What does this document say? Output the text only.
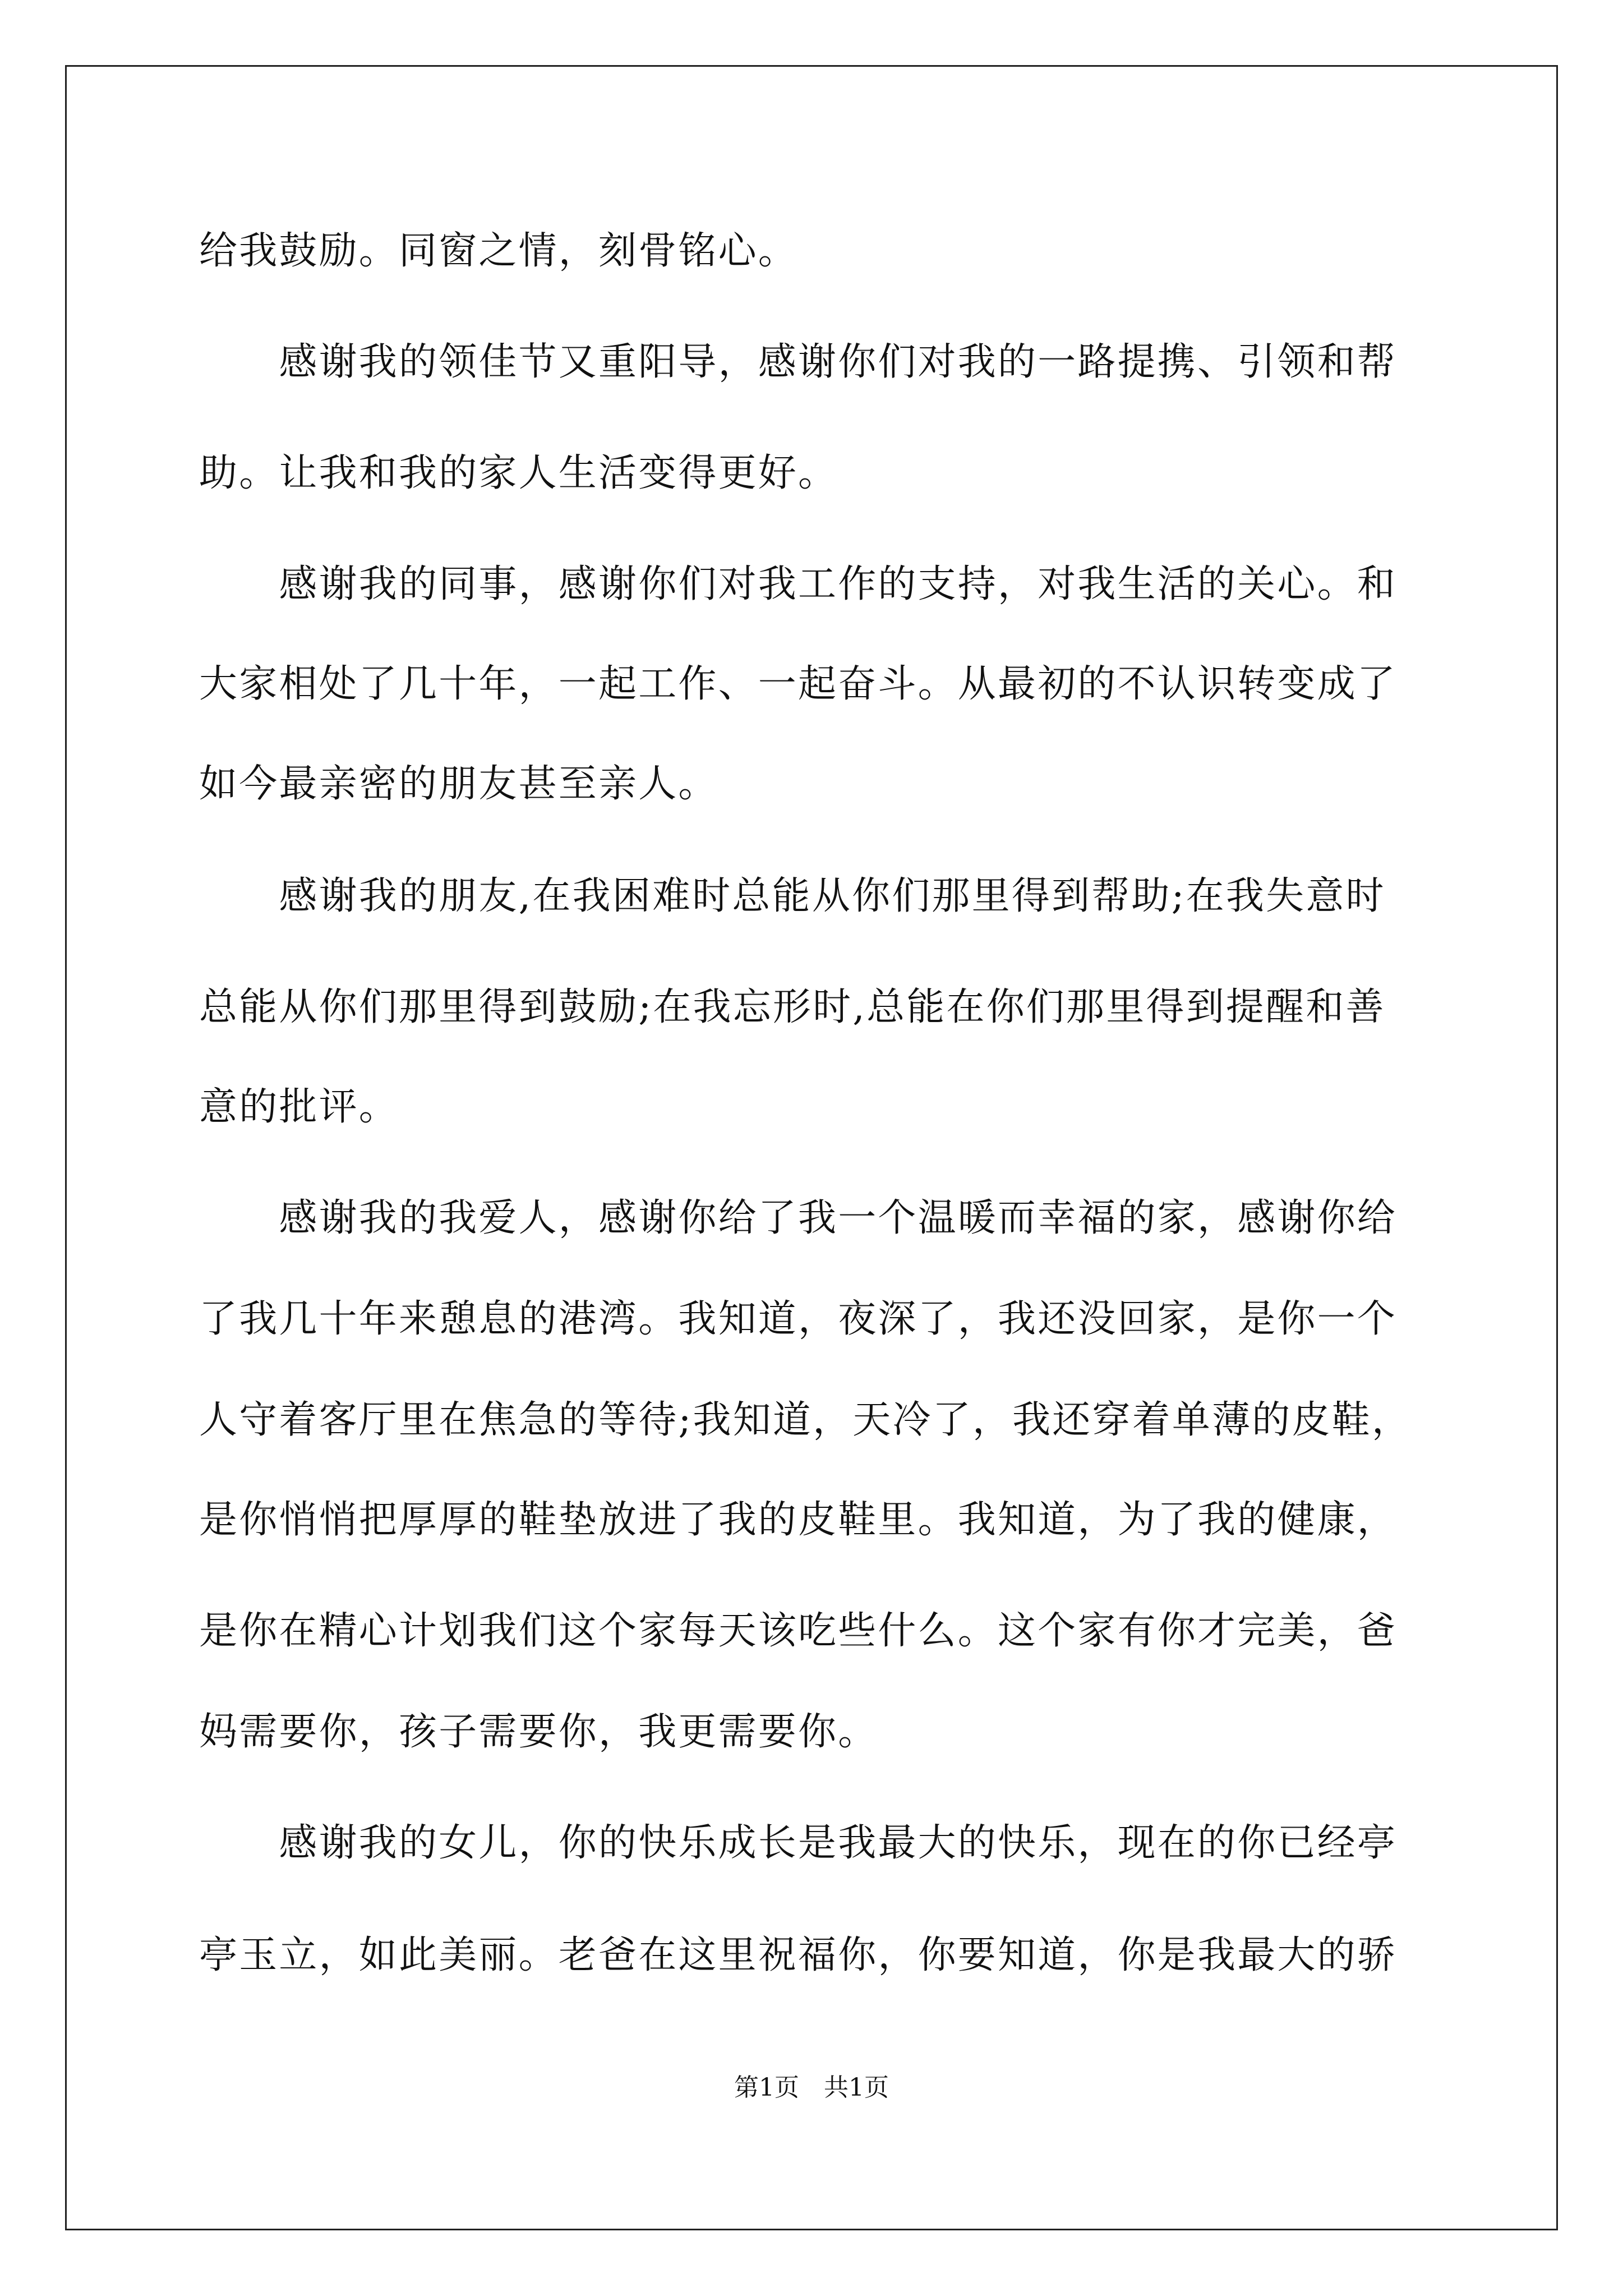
给我鼓励。同窗之情，刻骨铭心。
　　感谢我的领佳节又重阳导，感谢你们对我的一路提携、引领和帮
助。让我和我的家人生活变得更好。
　　感谢我的同事，感谢你们对我工作的支持，对我生活的关心。和
大家相处了几十年，一起工作、一起奋斗。从最初的不认识转变成了
如今最亲密的朋友甚至亲人。
　　感谢我的朋友,在我困难时总能从你们那里得到帮助;在我失意时
总能从你们那里得到鼓励;在我忘形时,总能在你们那里得到提醒和善
意的批评。
　　感谢我的我爱人，感谢你给了我一个温暖而幸福的家，感谢你给
了我几十年来憩息的港湾。我知道，夜深了，我还没回家，是你一个
人守着客厅里在焦急的等待;我知道，天冷了，我还穿着单薄的皮鞋，
是你悄悄把厚厚的鞋垫放进了我的皮鞋里。我知道，为了我的健康，
是你在精心计划我们这个家每天该吃些什么。这个家有你才完美，爸
妈需要你，孩子需要你，我更需要你。
　　感谢我的女儿，你的快乐成长是我最大的快乐，现在的你已经亭
亭玉立，如此美丽。老爸在这里祝福你，你要知道，你是我最大的骄
第1页　共1页
